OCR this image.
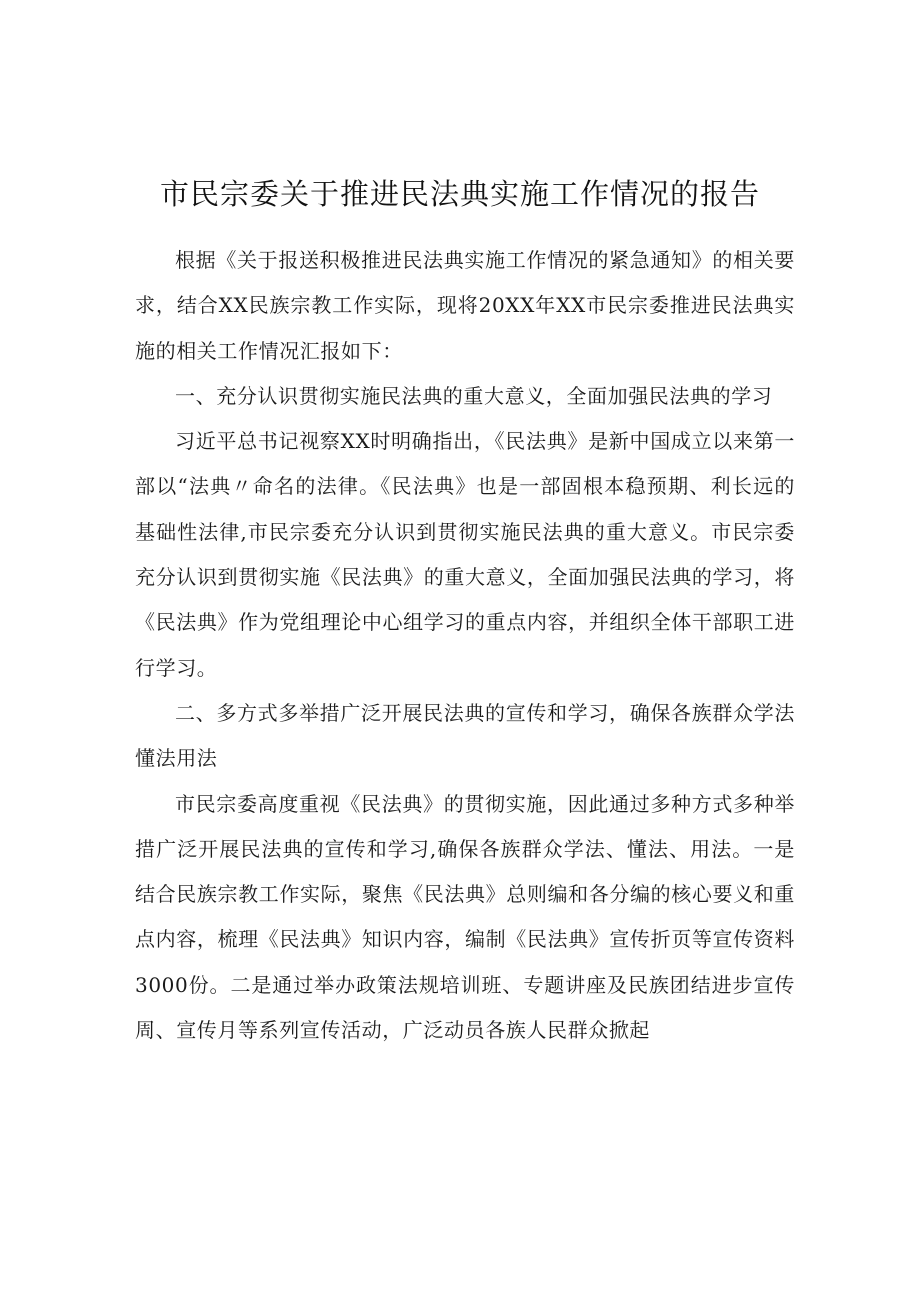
市民宗委关于推进民法典实施工作情况的报告

根据《关于报送积极推进民法典实施工作情况的紧急通知》的相关要求，结合XX民族宗教工作实际，现将20XX年XX市民宗委推进民法典实施的相关工作情况汇报如下：

一、充分认识贯彻实施民法典的重大意义，全面加强民法典的学习

习近平总书记视察XX时明确指出，《民法典》是新中国成立以来第一部以“法典〃命名的法律。《民法典》也是一部固根本稳预期、利长远的基础性法律,市民宗委充分认识到贯彻实施民法典的重大意义。市民宗委充分认识到贯彻实施《民法典》的重大意义，全面加强民法典的学习，将《民法典》作为党组理论中心组学习的重点内容，并组织全体干部职工进行学习。

二、多方式多举措广泛开展民法典的宣传和学习，确保各族群众学法懂法用法

市民宗委高度重视《民法典》的贯彻实施，因此通过多种方式多种举措广泛开展民法典的宣传和学习,确保各族群众学法、懂法、用法。一是结合民族宗教工作实际，聚焦《民法典》总则编和各分编的核心要义和重点内容，梳理《民法典》知识内容，编制《民法典》宣传折页等宣传资料3000份。二是通过举办政策法规培训班、专题讲座及民族团结进步宣传周、宣传月等系列宣传活动，广泛动员各族人民群众掀起
